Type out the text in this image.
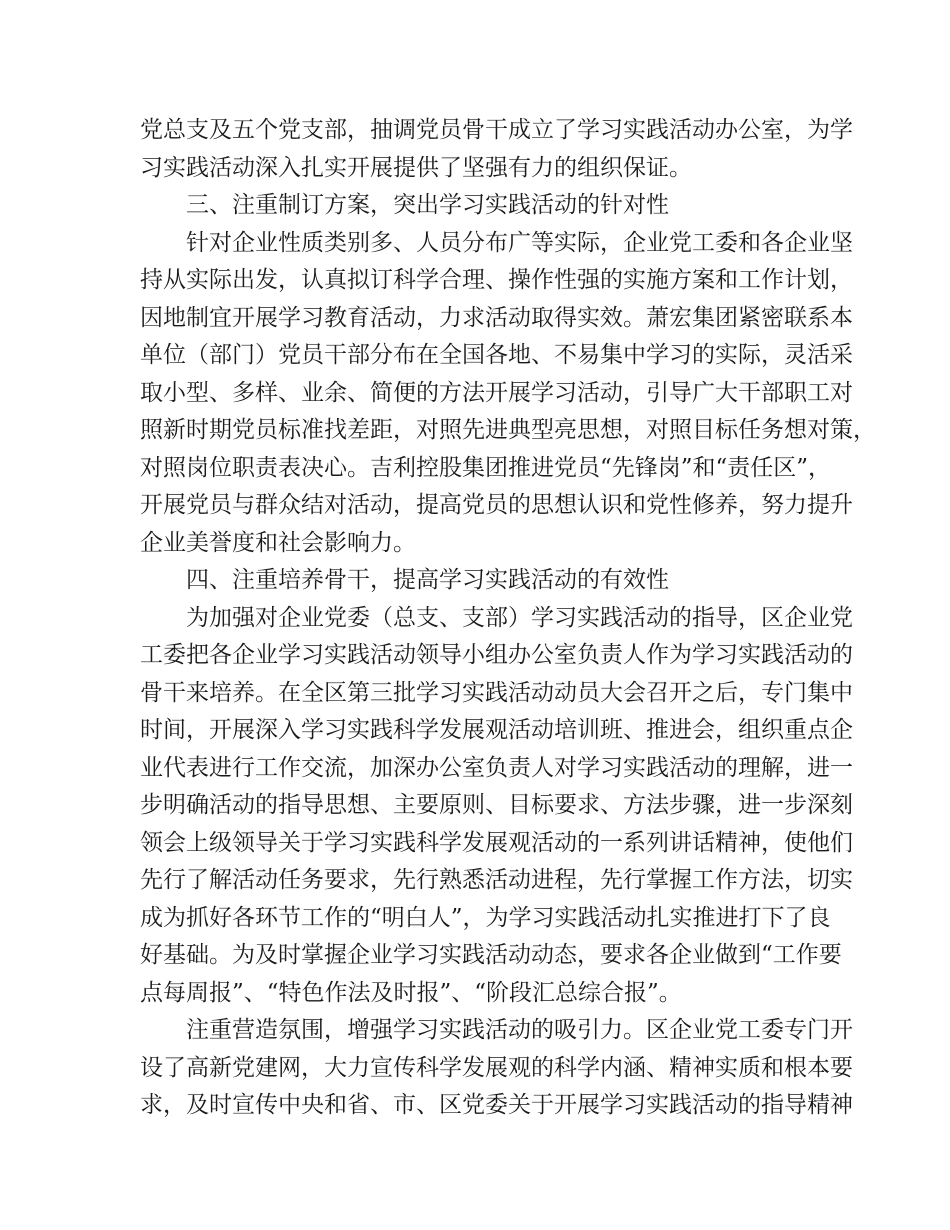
党总支及五个党支部，抽调党员骨干成立了学习实践活动办公室，为学
习实践活动深入扎实开展提供了坚强有力的组织保证。
三、注重制订方案，突出学习实践活动的针对性
针对企业性质类别多、人员分布广等实际，企业党工委和各企业坚
持从实际出发，认真拟订科学合理、操作性强的实施方案和工作计划，
因地制宜开展学习教育活动，力求活动取得实效。萧宏集团紧密联系本
单位（部门）党员干部分布在全国各地、不易集中学习的实际，灵活采
取小型、多样、业余、简便的方法开展学习活动，引导广大干部职工对
照新时期党员标准找差距，对照先进典型亮思想，对照目标任务想对策，
对照岗位职责表决心。吉利控股集团推进党员“先锋岗”和“责任区”，
开展党员与群众结对活动，提高党员的思想认识和党性修养，努力提升
企业美誉度和社会影响力。
四、注重培养骨干，提高学习实践活动的有效性
为加强对企业党委（总支、支部）学习实践活动的指导，区企业党
工委把各企业学习实践活动领导小组办公室负责人作为学习实践活动的
骨干来培养。在全区第三批学习实践活动动员大会召开之后，专门集中
时间，开展深入学习实践科学发展观活动培训班、推进会，组织重点企
业代表进行工作交流，加深办公室负责人对学习实践活动的理解，进一
步明确活动的指导思想、主要原则、目标要求、方法步骤，进一步深刻
领会上级领导关于学习实践科学发展观活动的一系列讲话精神，使他们
先行了解活动任务要求，先行熟悉活动进程，先行掌握工作方法，切实
成为抓好各环节工作的“明白人”，为学习实践活动扎实推进打下了良
好基础。为及时掌握企业学习实践活动动态，要求各企业做到“工作要
点每周报”、“特色作法及时报”、“阶段汇总综合报”。
注重营造氛围，增强学习实践活动的吸引力。区企业党工委专门开
设了高新党建网，大力宣传科学发展观的科学内涵、精神实质和根本要
求，及时宣传中央和省、市、区党委关于开展学习实践活动的指导精神
